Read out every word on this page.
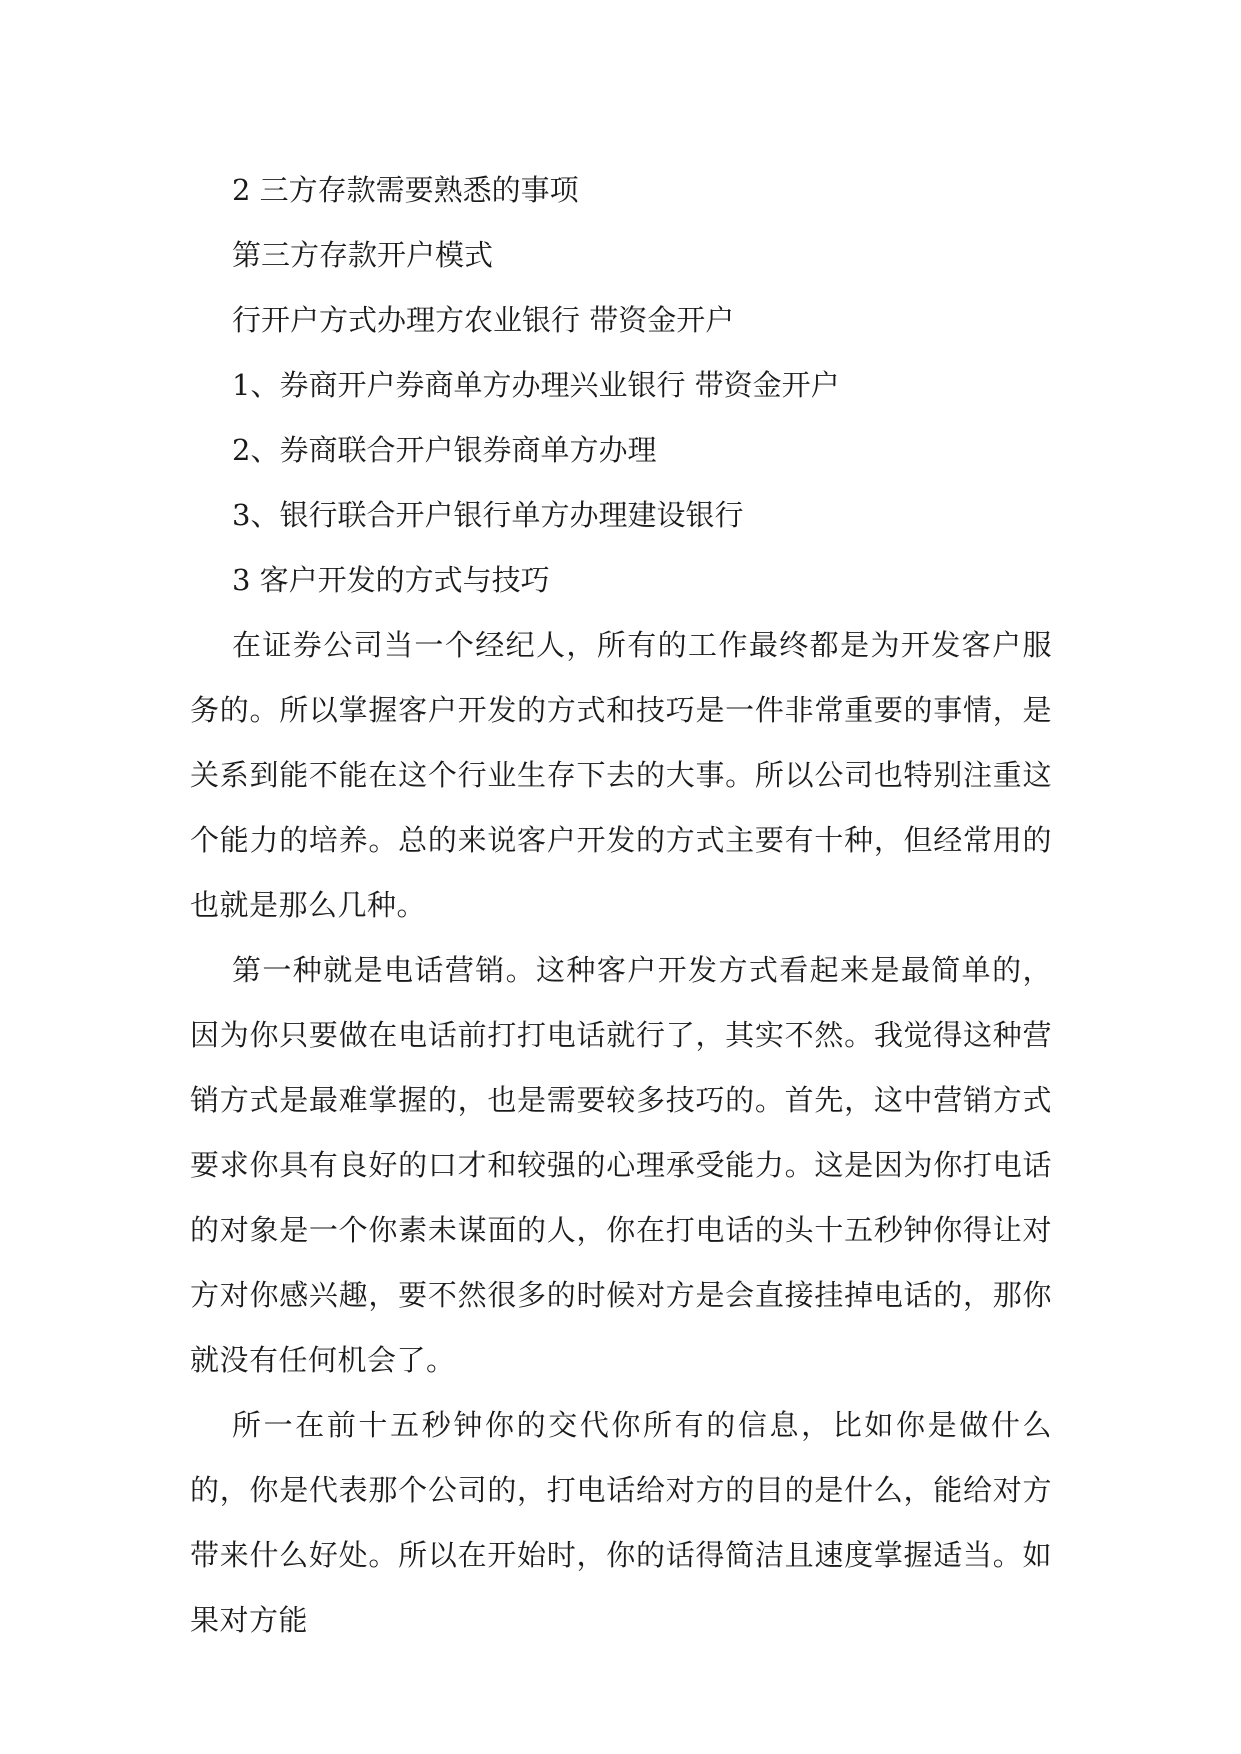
2 三方存款需要熟悉的事项

第三方存款开户模式

行开户方式办理方农业银行 带资金开户

1、券商开户券商单方办理兴业银行 带资金开户

2、券商联合开户银券商单方办理

3、银行联合开户银行单方办理建设银行

3 客户开发的方式与技巧

在证券公司当一个经纪人，所有的工作最终都是为开发客户服务的。所以掌握客户开发的方式和技巧是一件非常重要的事情，是关系到能不能在这个行业生存下去的大事。所以公司也特别注重这个能力的培养。总的来说客户开发的方式主要有十种，但经常用的也就是那么几种。

第一种就是电话营销。这种客户开发方式看起来是最简单的，因为你只要做在电话前打打电话就行了，其实不然。我觉得这种营销方式是最难掌握的，也是需要较多技巧的。首先，这中营销方式要求你具有良好的口才和较强的心理承受能力。这是因为你打电话的对象是一个你素未谋面的人，你在打电话的头十五秒钟你得让对方对你感兴趣，要不然很多的时候对方是会直接挂掉电话的，那你就没有任何机会了。

所一在前十五秒钟你的交代你所有的信息，比如你是做什么的，你是代表那个公司的，打电话给对方的目的是什么，能给对方带来什么好处。所以在开始时，你的话得简洁且速度掌握适当。如果对方能
